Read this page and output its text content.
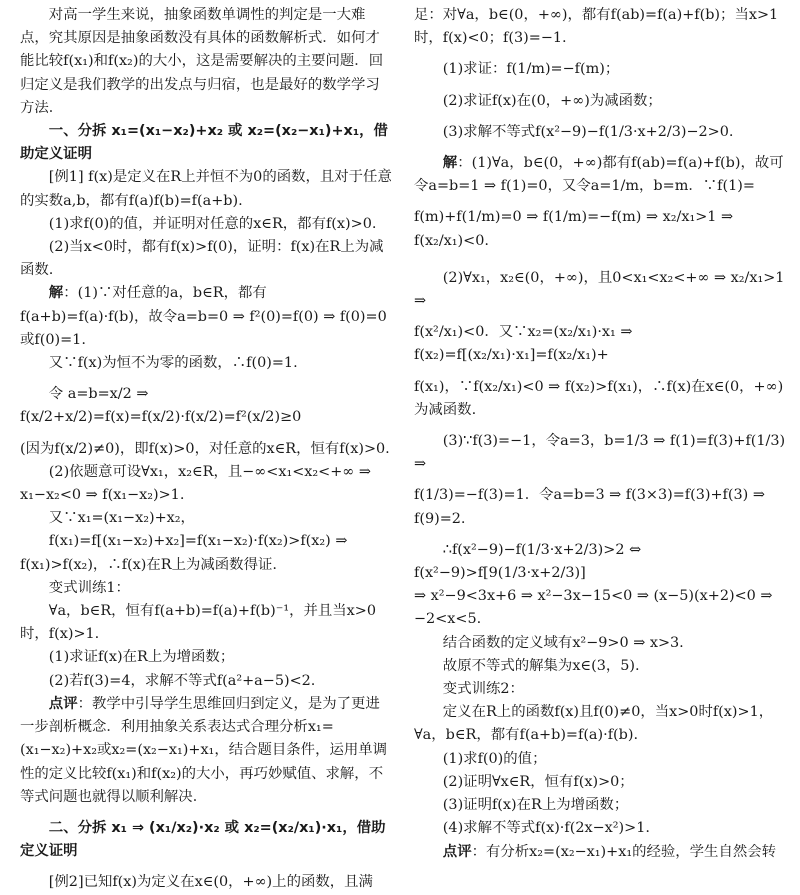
对高一学生来说，抽象函数单调性的判定是一大难点，究其原因是抽象函数没有具体的函数解析式．如何才能比较f(x₁)和f(x₂)的大小，这是需要解决的主要问题．回归定义是我们教学的出发点与归宿，也是最好的数学学习方法．

一、分拆 x₁=(x₁−x₂)+x₂ 或 x₂=(x₂−x₁)+x₁，借助定义证明

[例1] f(x)是定义在R上并恒不为0的函数，且对于任意的实数a,b，都有f(a)f(b)=f(a+b).

(1)求f(0)的值，并证明对任意的x∈R，都有f(x)>0.

(2)当x<0时，都有f(x)>f(0)，证明：f(x)在R上为减函数.

解：(1)∵对任意的a，b∈R，都有f(a+b)=f(a)·f(b)，故令a=b=0 ⇒ f²(0)=f(0) ⇒ f(0)=0或f(0)=1.

又∵f(x)为恒不为零的函数，∴f(0)=1.

令 a=b=x/2 ⇒ f(x/2+x/2)=f(x)=f(x/2)·f(x/2)=f²(x/2)≥0

(因为f(x/2)≠0)，即f(x)>0，对任意的x∈R，恒有f(x)>0.

(2)依题意可设∀x₁，x₂∈R，且−∞<x₁<x₂<+∞ ⇒ x₁−x₂<0 ⇒ f(x₁−x₂)>1.

又∵x₁=(x₁−x₂)+x₂，

f(x₁)=f[(x₁−x₂)+x₂]=f(x₁−x₂)·f(x₂)>f(x₂) ⇒ f(x₁)>f(x₂)，∴f(x)在R上为减函数得证.

变式训练1：

∀a，b∈R，恒有f(a+b)=f(a)+f(b)⁻¹，并且当x>0时，f(x)>1.

(1)求证f(x)在R上为增函数；

(2)若f(3)=4，求解不等式f(a²+a−5)<2.

点评：教学中引导学生思维回归到定义，是为了更进一步剖析概念．利用抽象关系表达式合理分析x₁=(x₁−x₂)+x₂或x₂=(x₂−x₁)+x₁，结合题目条件，运用单调性的定义比较f(x₁)和f(x₂)的大小，再巧妙赋值、求解，不等式问题也就得以顺利解决．

二、分拆 x₁ ⇒ (x₁/x₂)·x₂ 或 x₂=(x₂/x₁)·x₁，借助定义证明

[例2]已知f(x)为定义在x∈(0，+∞)上的函数，且满

足：对∀a，b∈(0，+∞)，都有f(ab)=f(a)+f(b)；当x>1时，f(x)<0；f(3)=−1.

(1)求证：f(1/m)=−f(m)；

(2)求证f(x)在(0，+∞)为减函数；

(3)求解不等式f(x²−9)−f(1/3·x+2/3)−2>0.

解：(1)∀a，b∈(0，+∞)都有f(ab)=f(a)+f(b)，故可令a=b=1 ⇒ f(1)=0，又令a=1/m，b=m．∵f(1)=

f(m)+f(1/m)=0 ⇒ f(1/m)=−f(m) ⇒ x₂/x₁>1 ⇒ f(x₂/x₁)<0.

(2)∀x₁，x₂∈(0，+∞)，且0<x₁<x₂<+∞ ⇒ x₂/x₁>1 ⇒

f(x²/x₁)<0．又∵x₂=(x₂/x₁)·x₁ ⇒ f(x₂)=f[(x₂/x₁)·x₁]=f(x₂/x₁)+

f(x₁)，∵f(x₂/x₁)<0 ⇒ f(x₂)>f(x₁)，∴f(x)在x∈(0，+∞)

为减函数.

(3)∵f(3)=−1，令a=3，b=1/3 ⇒ f(1)=f(3)+f(1/3) ⇒

f(1/3)=−f(3)=1．令a=b=3 ⇒ f(3×3)=f(3)+f(3) ⇒

f(9)=2.

∴f(x²−9)−f(1/3·x+2/3)>2 ⇔ f(x²−9)>f[9(1/3·x+2/3)]

⇒ x²−9<3x+6 ⇒ x²−3x−15<0 ⇒ (x−5)(x+2)<0 ⇒ −2<x<5.

结合函数的定义域有x²−9>0 ⇒ x>3.

故原不等式的解集为x∈(3，5).

变式训练2：

定义在R上的函数f(x)且f(0)≠0，当x>0时f(x)>1，∀a，b∈R，都有f(a+b)=f(a)·f(b).

(1)求f(0)的值；

(2)证明∀x∈R，恒有f(x)>0；

(3)证明f(x)在R上为增函数；

(4)求解不等式f(x)·f(2x−x²)>1.

点评：有分析x₂=(x₂−x₁)+x₁的经验，学生自然会转
